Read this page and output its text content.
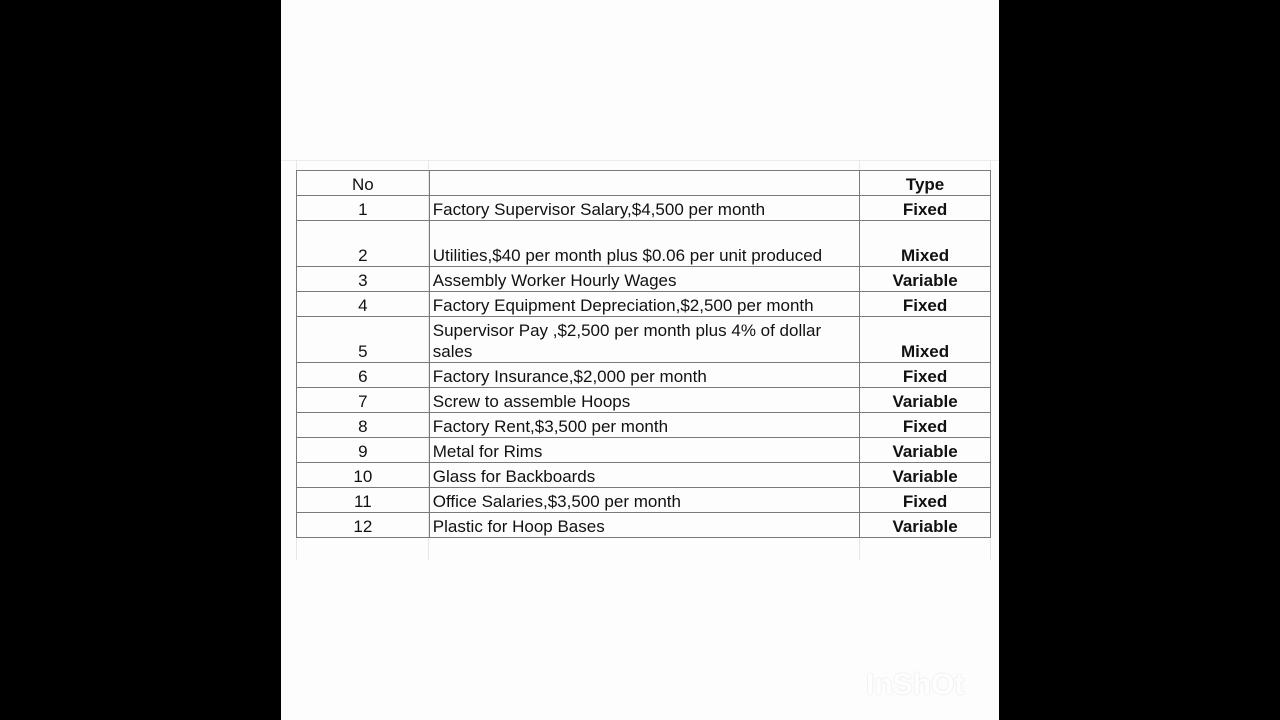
No		Type
1	Factory Supervisor Salary,$4,500 per month	Fixed
2	Utilities,$40 per month plus $0.06 per unit produced	Mixed
3	Assembly Worker Hourly Wages	Variable
4	Factory Equipment Depreciation,$2,500 per month	Fixed
5	Supervisor Pay ,$2,500 per month plus 4% of dollar sales	Mixed
6	Factory Insurance,$2,000 per month	Fixed
7	Screw to assemble Hoops	Variable
8	Factory Rent,$3,500 per month	Fixed
9	Metal for Rims	Variable
10	Glass for Backboards	Variable
11	Office Salaries,$3,500 per month	Fixed
12	Plastic for Hoop Bases	Variable
InShOt
